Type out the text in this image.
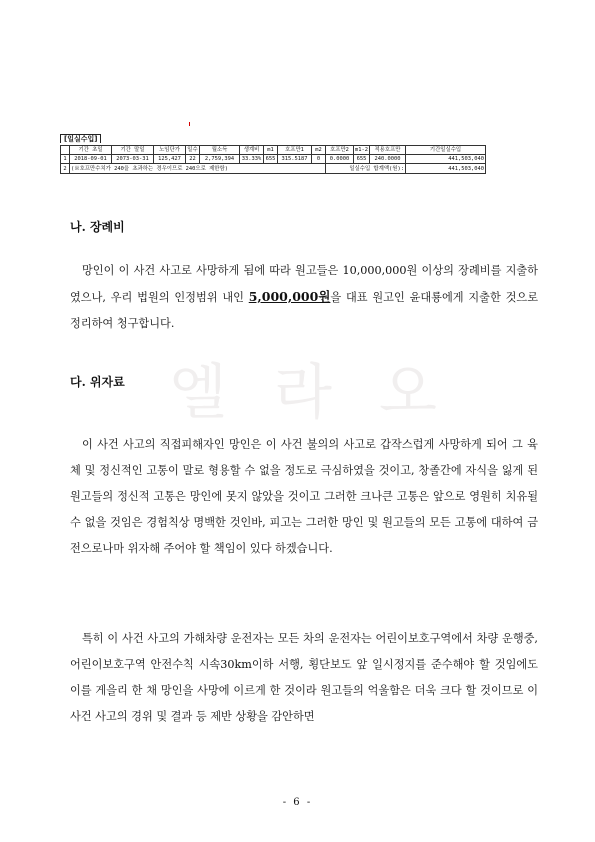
[일실수입]
	기간 초일	기간 말일	노임단가	일수	월소득	생계비	m1	호프만1	m2	호프만2	m1-2	적용호프만	기간일실수입
1	2018-09-01	2073-03-31	125,427	22	2,759,394	33.33%	655	315.5187	0	0.0000	655	240.0000	441,503,040
2	(※호프만수치가 240을 초과하는 경우이므로 240으로 제한함)									일실수입 합계액(원):			441,503,040
엘 라 오
나. 장례비
망인이 이 사건 사고로 사망하게 됨에 따라 원고들은 10,000,000원 이상의 장례비를 지출하였으나, 우리 법원의 인정범위 내인 5,000,000원을 대표 원고인 윤대룡에게 지출한 것으로 정리하여 청구합니다.
다. 위자료
이 사건 사고의 직접피해자인 망인은 이 사건 불의의 사고로 갑작스럽게 사망하게 되어 그 육체 및 정신적인 고통이 말로 형용할 수 없을 정도로 극심하였을 것이고, 창졸간에 자식을 잃게 된 원고들의 정신적 고통은 망인에 못지 않았을 것이고 그러한 크나큰 고통은 앞으로 영원히 치유될 수 없을 것임은 경험칙상 명백한 것인바, 피고는 그러한 망인 및 원고들의 모든 고통에 대하여 금전으로나마 위자해 주어야 할 책임이 있다 하겠습니다.
특히 이 사건 사고의 가해차량 운전자는 모든 차의 운전자는 어린이보호구역에서 차량 운행중, 어린이보호구역 안전수칙 시속30km이하 서행, 횡단보도 앞 일시정지를 준수해야 할 것임에도 이를 게을리 한 채 망인을 사망에 이르게 한 것이라 원고들의 억울함은 더욱 크다 할 것이므로 이 사건 사고의 경위 및 결과 등 제반 상황을 감안하면
- 6 -
